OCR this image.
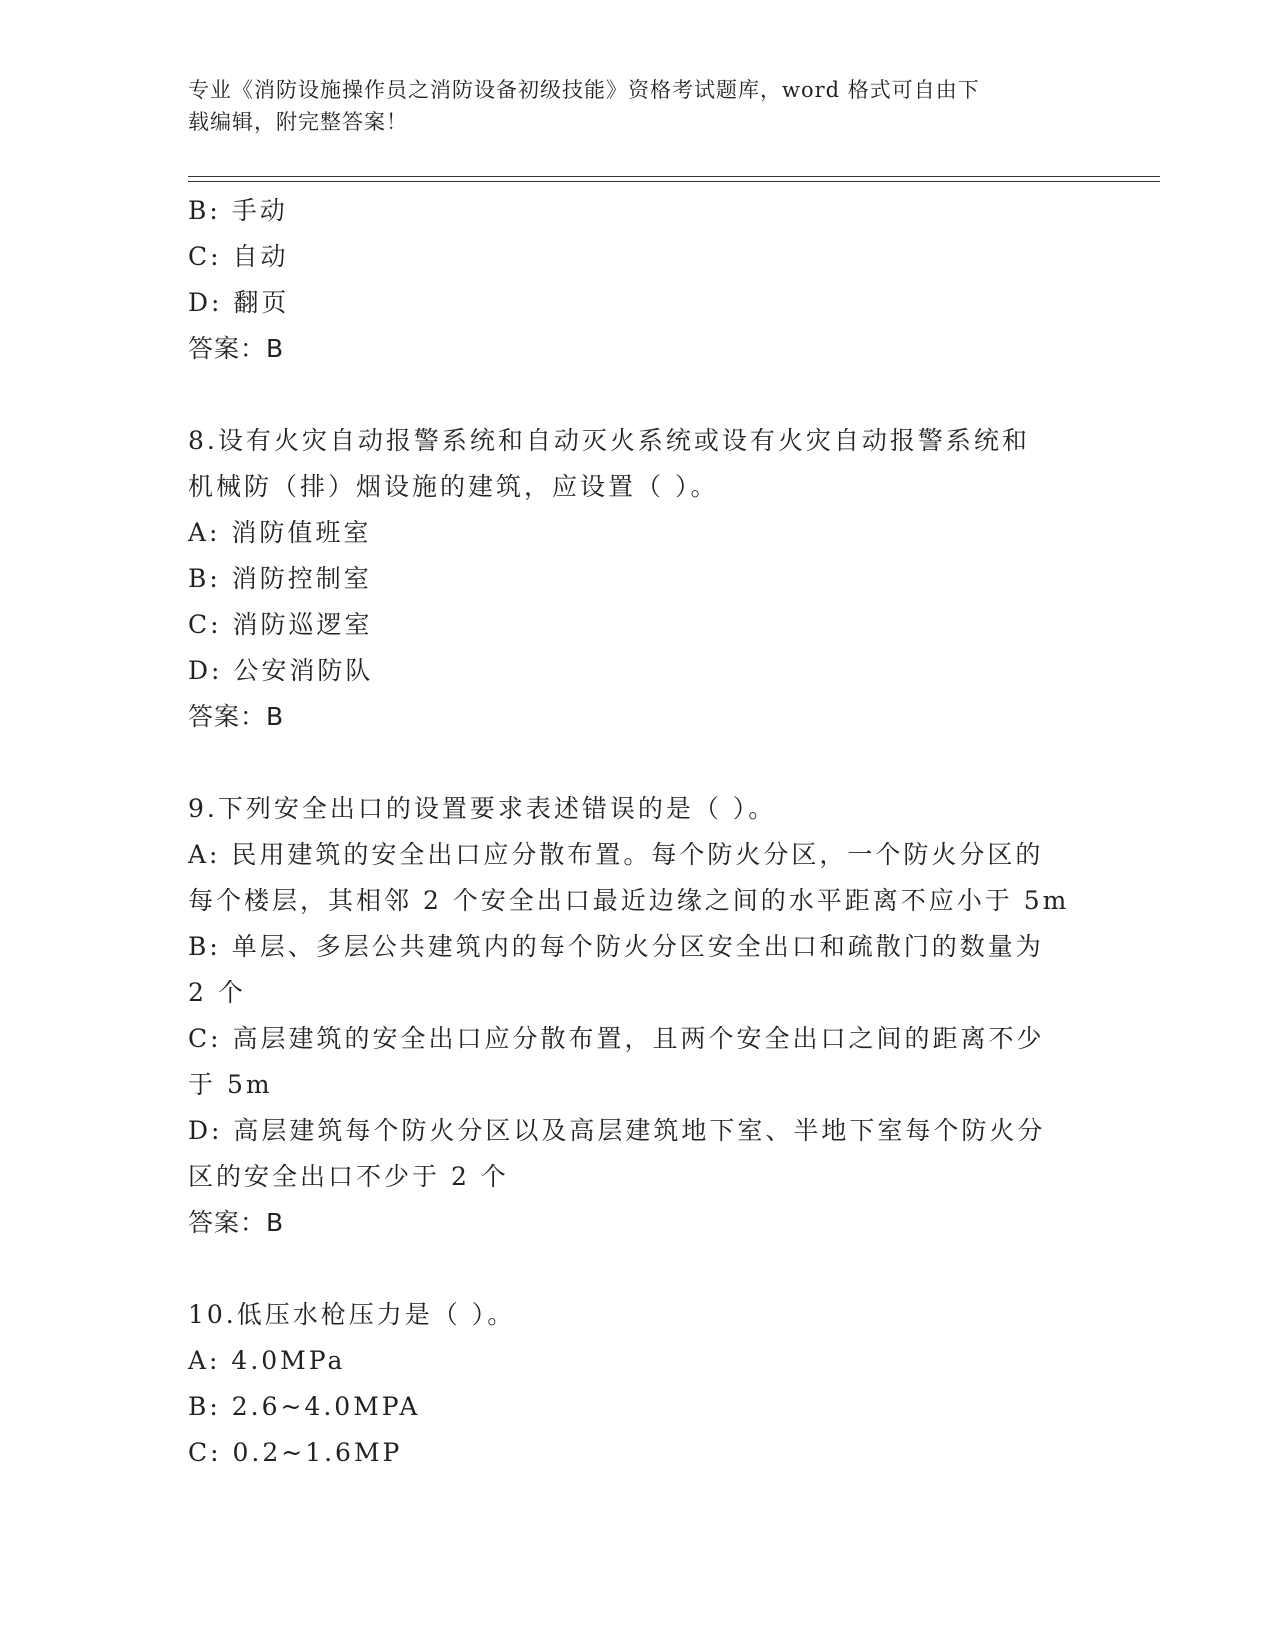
专业《消防设施操作员之消防设备初级技能》资格考试题库，word 格式可自由下
载编辑，附完整答案！

B: 手动

C: 自动

D: 翻页

答案：B

8.设有火灾自动报警系统和自动灭火系统或设有火灾自动报警系统和

机械防（排）烟设施的建筑，应设置（ ）。

A: 消防值班室

B: 消防控制室

C: 消防巡逻室

D: 公安消防队

答案：B

9.下列安全出口的设置要求表述错误的是（ ）。

A: 民用建筑的安全出口应分散布置。每个防火分区，一个防火分区的

每个楼层，其相邻 2 个安全出口最近边缘之间的水平距离不应小于 5m

B: 单层、多层公共建筑内的每个防火分区安全出口和疏散门的数量为

2 个

C: 高层建筑的安全出口应分散布置，且两个安全出口之间的距离不少

于 5m

D: 高层建筑每个防火分区以及高层建筑地下室、半地下室每个防火分

区的安全出口不少于 2 个

答案：B

10.低压水枪压力是（ ）。

A: 4.0MPa

B: 2.6~4.0MPA

C: 0.2~1.6MP
